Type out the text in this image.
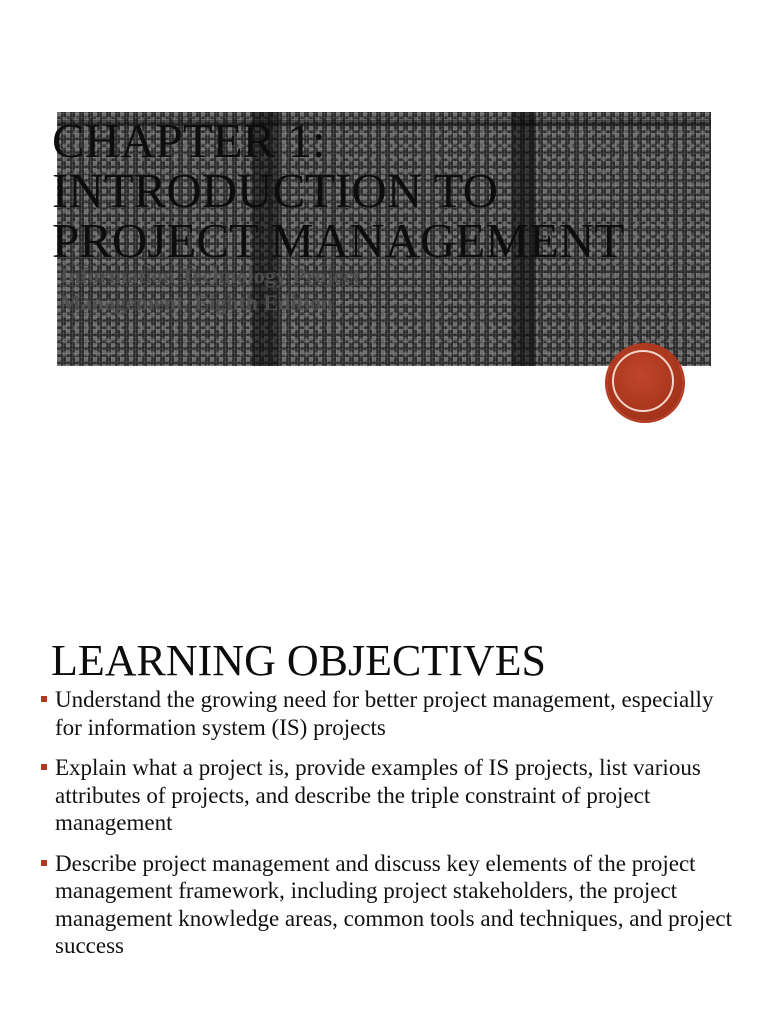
CHAPTER 1:
INTRODUCTION TO
PROJECT MANAGEMENT
Information Technology Project
Management, Eighth Edition
LEARNING OBJECTIVES
Understand the growing need for better project management, especially for information system (IS) projects
Explain what a project is, provide examples of IS projects, list various attributes of projects, and describe the triple constraint of project management
Describe project management and discuss key elements of the project management framework, including project stakeholders, the project management knowledge areas, common tools and techniques, and project success
